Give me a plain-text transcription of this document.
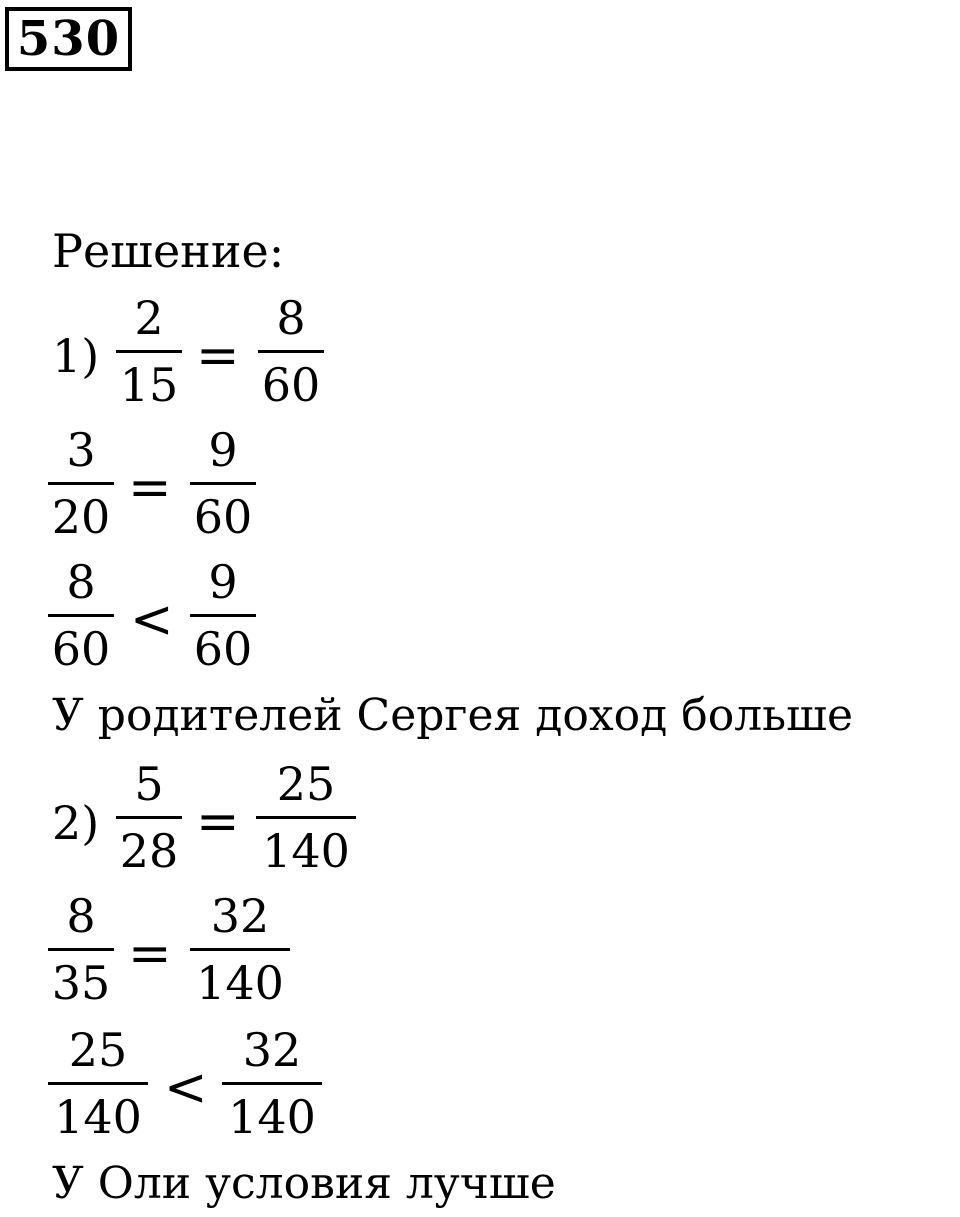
530
Решение:
1)
2
15 =
8
60
3
20 =
9
60
8
60 <
9
60
У родителей Сергея доход больше
2)
5
28 =
25
140
8
35 =
32
140
25
140 <
32
140
У Оли условия лучше
